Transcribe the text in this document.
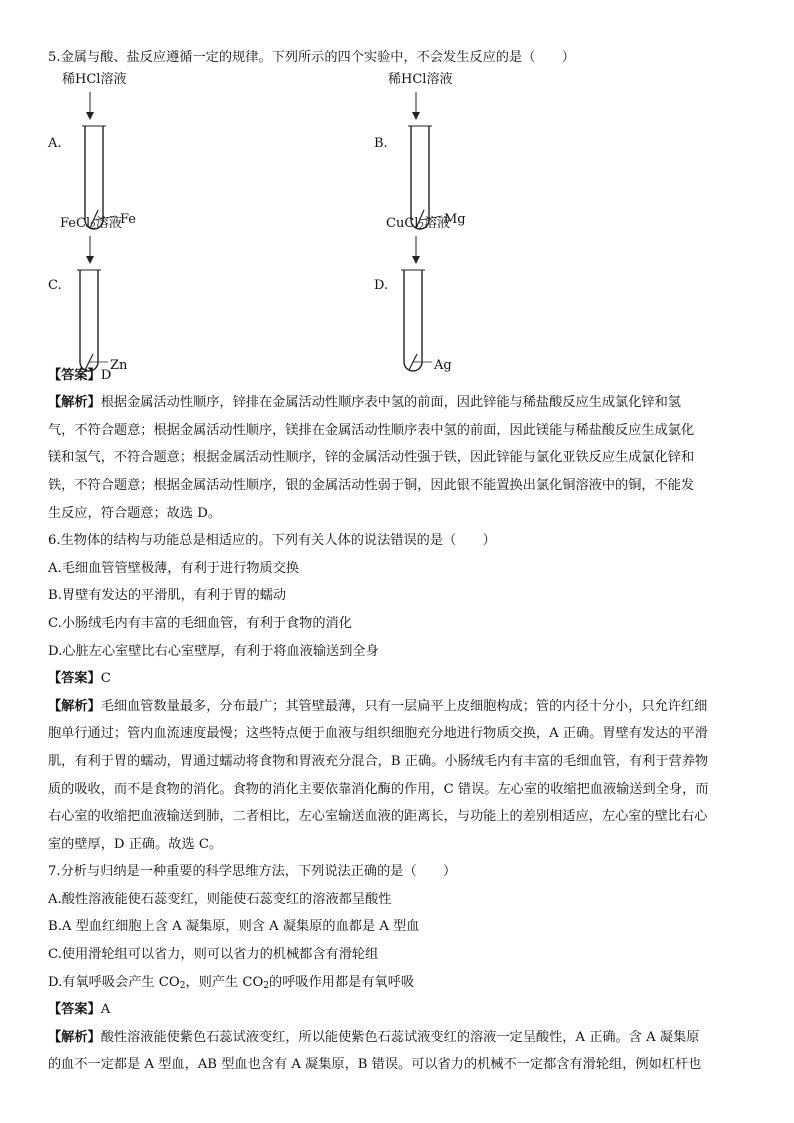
5.金属与酸、盐反应遵循一定的规律。下列所示的四个实验中，不会发生反应的是（　　）

稀HCl溶液
A.
Fe
稀HCl溶液
B.
Mg
FeCl$_2$溶液
C.
Zn
CuCl$_2$溶液
D.
Ag

【答案】D

【解析】根据金属活动性顺序，锌排在金属活动性顺序表中氢的前面，因此锌能与稀盐酸反应生成氯化锌和氢

气，不符合题意；根据金属活动性顺序，镁排在金属活动性顺序表中氢的前面，因此镁能与稀盐酸反应生成氯化

镁和氢气，不符合题意；根据金属活动性顺序，锌的金属活动性强于铁，因此锌能与氯化亚铁反应生成氯化锌和

铁，不符合题意；根据金属活动性顺序，银的金属活动性弱于铜，因此银不能置换出氯化铜溶液中的铜，不能发

生反应，符合题意；故选 D。

6.生物体的结构与功能总是相适应的。下列有关人体的说法错误的是（　　）

A.毛细血管管壁极薄，有利于进行物质交换

B.胃壁有发达的平滑肌，有利于胃的蠕动

C.小肠绒毛内有丰富的毛细血管，有利于食物的消化

D.心脏左心室壁比右心室壁厚，有利于将血液输送到全身

【答案】C

【解析】毛细血管数量最多，分布最广；其管壁最薄，只有一层扁平上皮细胞构成；管的内径十分小，只允许红细

胞单行通过；管内血流速度最慢；这些特点便于血液与组织细胞充分地进行物质交换，A 正确。胃壁有发达的平滑

肌，有利于胃的蠕动，胃通过蠕动将食物和胃液充分混合，B 正确。小肠绒毛内有丰富的毛细血管，有利于营养物

质的吸收，而不是食物的消化。食物的消化主要依靠消化酶的作用，C 错误。左心室的收缩把血液输送到全身，而

右心室的收缩把血液输送到肺，二者相比，左心室输送血液的距离长，与功能上的差别相适应，左心室的壁比右心

室的壁厚，D 正确。故选 C。

7.分析与归纳是一种重要的科学思维方法，下列说法正确的是（　　）

A.酸性溶液能使石蕊变红，则能使石蕊变红的溶液都呈酸性

B.A 型血红细胞上含 A 凝集原，则含 A 凝集原的血都是 A 型血

C.使用滑轮组可以省力，则可以省力的机械都含有滑轮组

D.有氧呼吸会产生 $CO_2$，则产生 $CO_2$的呼吸作用都是有氧呼吸

【答案】A

【解析】酸性溶液能使紫色石蕊试液变红，所以能使紫色石蕊试液变红的溶液一定呈酸性，A 正确。含 A 凝集原

的血不一定都是 A 型血，AB 型血也含有 A 凝集原，B 错误。可以省力的机械不一定都含有滑轮组，例如杠杆也
